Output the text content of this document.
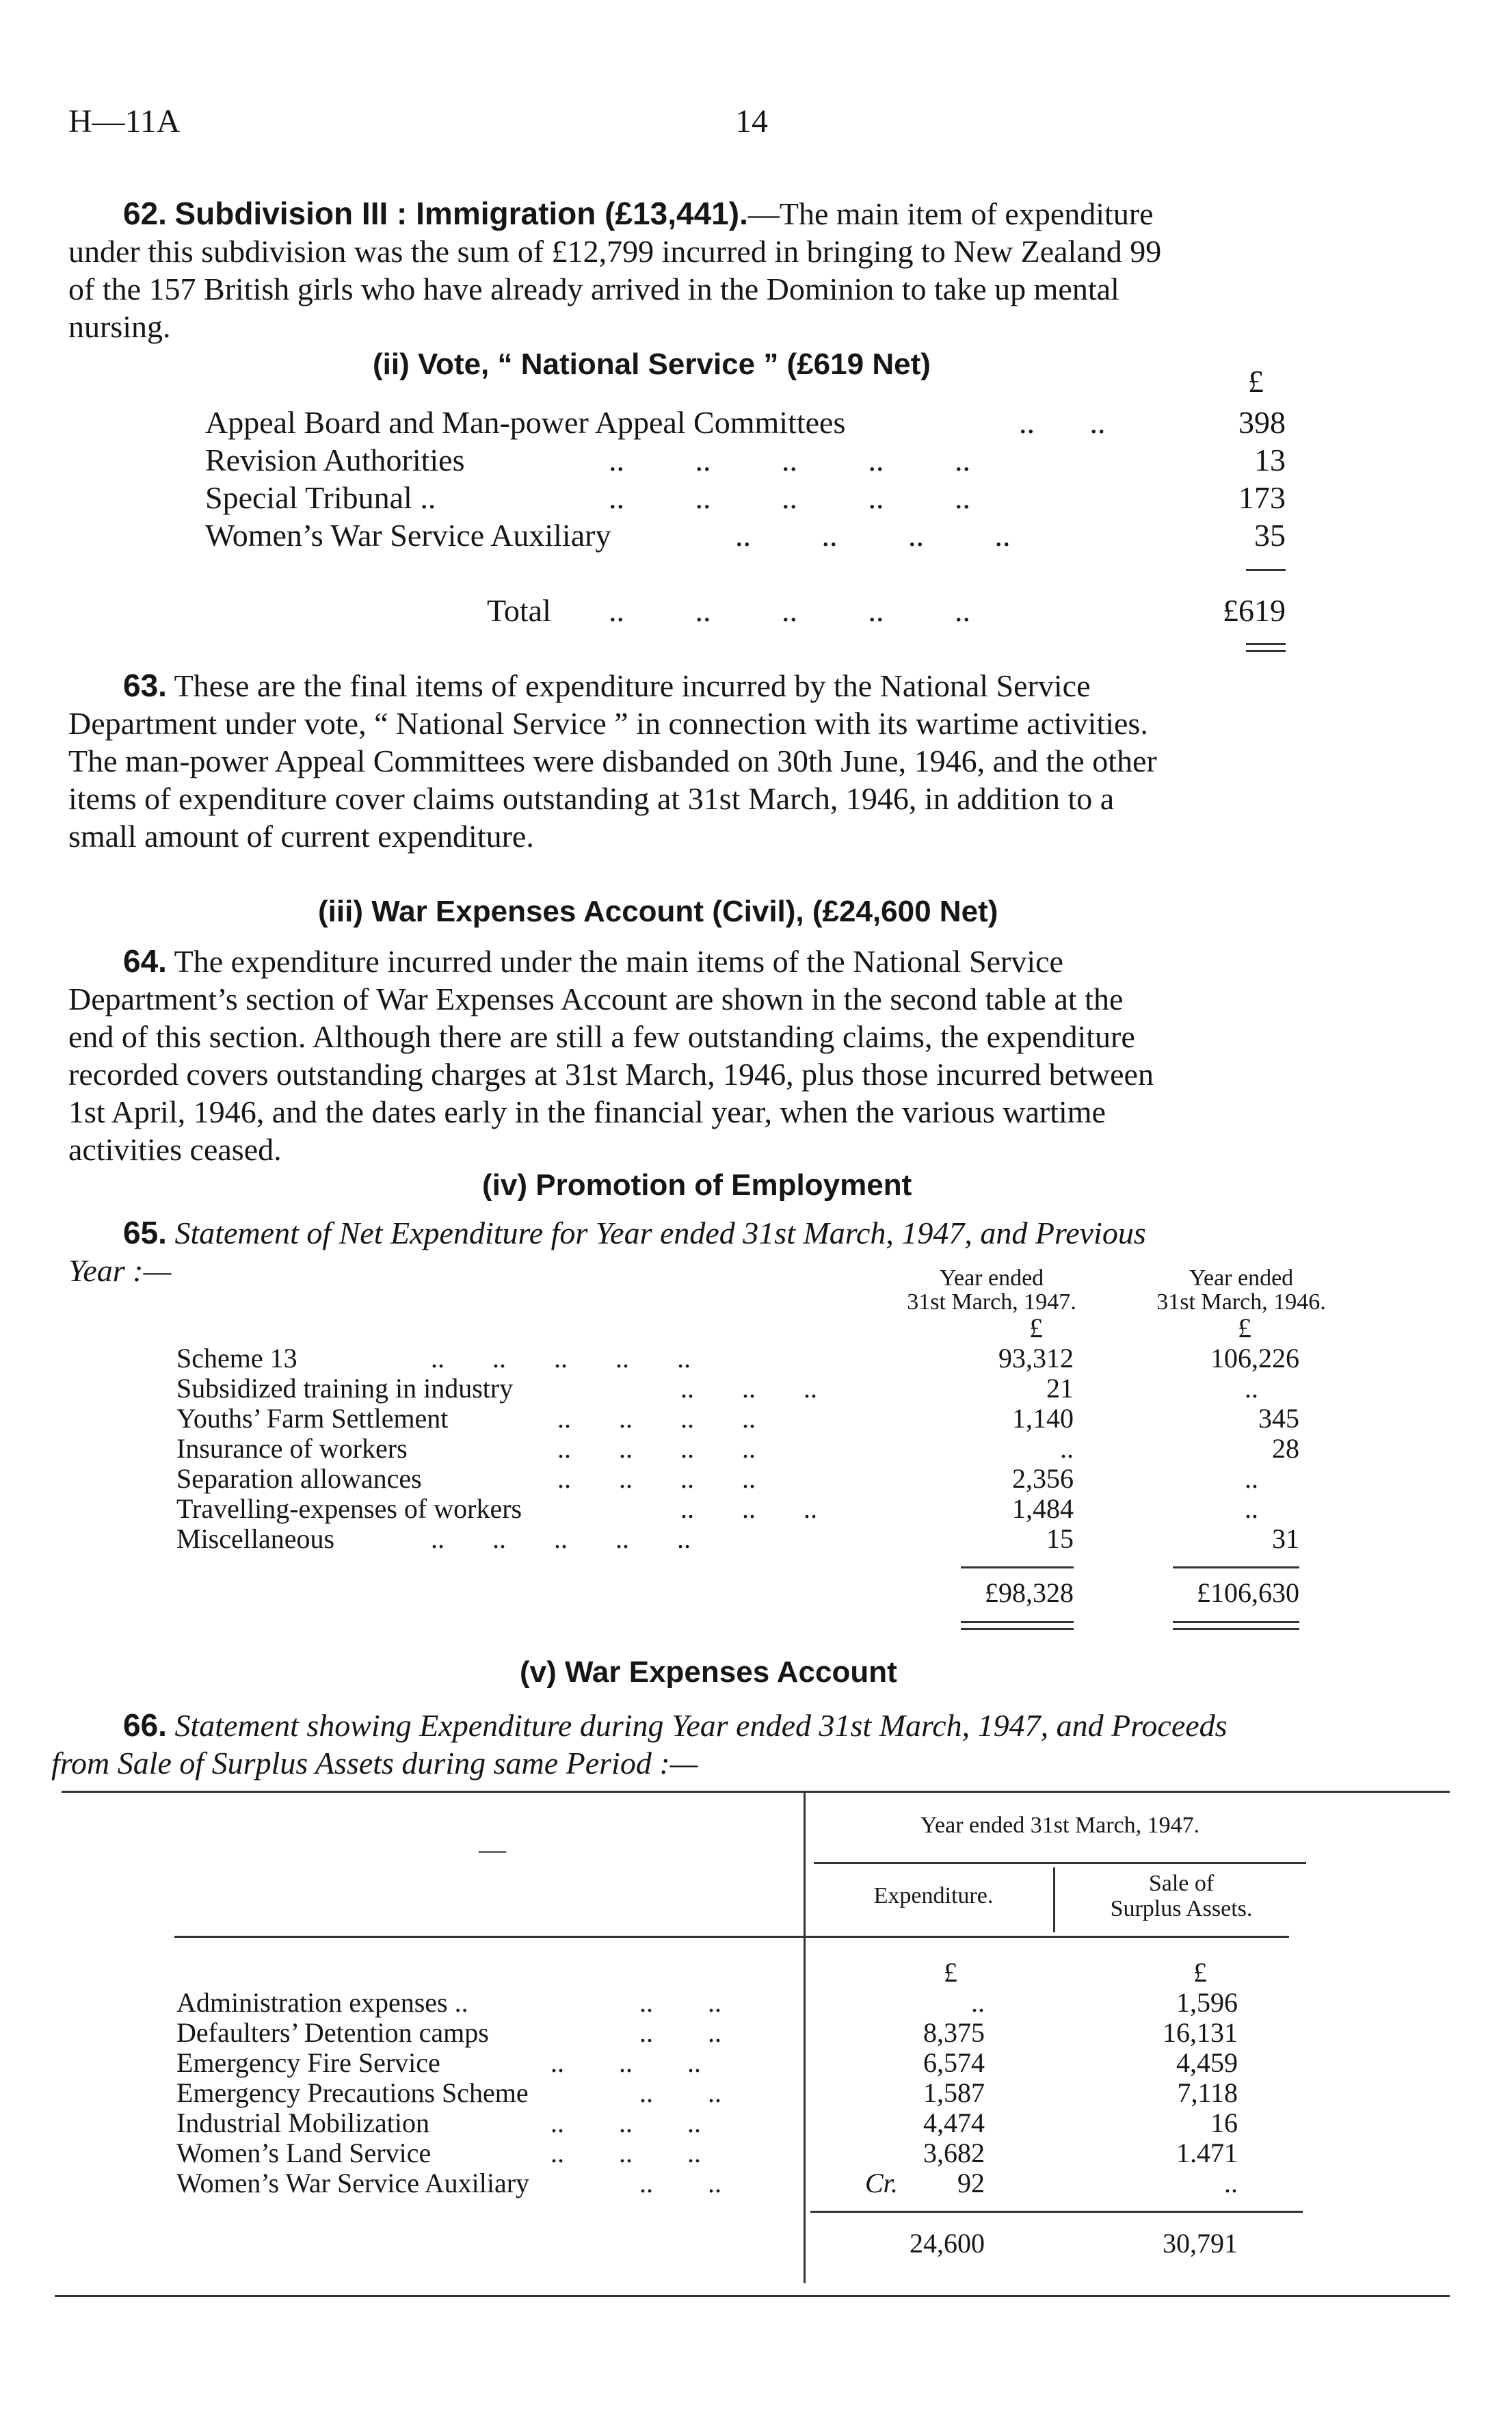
H—11A	14
62. Subdivision III : Immigration (£13,441).—The main item of expenditure
under this subdivision was the sum of £12,799 incurred in bringing to New Zealand 99
of the 157 British girls who have already arrived in the Dominion to take up mental
nursing.
(ii) Vote, “ National Service ” (£619 Net)	£
Appeal Board and Man-power Appeal Committees	..       ..	398
Revision Authorities	..         ..         ..         ..         ..	13
Special Tribunal ..	..         ..         ..         ..         ..	173
Women’s War Service Auxiliary	..         ..         ..         ..	35
Total ..         ..         ..         ..         ..	£619
63. These are the final items of expenditure incurred by the National Service
Department under vote, “ National Service ” in connection with its wartime activities.
The man-power Appeal Committees were disbanded on 30th June, 1946, and the other
items of expenditure cover claims outstanding at 31st March, 1946, in addition to a
small amount of current expenditure.
(iii) War Expenses Account (Civil), (£24,600 Net)
64. The expenditure incurred under the main items of the National Service
Department’s section of War Expenses Account are shown in the second table at the
end of this section. Although there are still a few outstanding claims, the expenditure
recorded covers outstanding charges at 31st March, 1946, plus those incurred between
1st April, 1946, and the dates early in the financial year, when the various wartime
activities ceased.
(iv) Promotion of Employment
65. Statement of Net Expenditure for Year ended 31st March, 1947, and Previous
Year :—	Year ended
31st March, 1947.
Year ended
31st March, 1946.
£	£
Scheme 13	..       ..       ..       ..       ..	93,312	106,226
Subsidized training in industry	..       ..       ..	21	..
Youths’ Farm Settlement	..       ..       ..       ..	1,140	345
Insurance of workers	..       ..       ..       ..	..	28
Separation allowances	..       ..       ..       ..	2,356	..
Travelling-expenses of workers	..       ..       ..	1,484	..
Miscellaneous	..       ..       ..       ..       ..	15	31
£98,328	£106,630
(v) War Expenses Account
66. Statement showing Expenditure during Year ended 31st March, 1947, and Proceeds
from Sale of Surplus Assets during same Period :—
—
Year ended 31st March, 1947.
Expenditure.	Sale of
Surplus Assets.
£	£
Administration expenses ..	..        ..	..	1,596
Defaulters’ Detention camps	..        ..	8,375	16,131
Emergency Fire Service	..        ..        ..	6,574	4,459
Emergency Precautions Scheme	..        ..	1,587	7,118
Industrial Mobilization	..        ..        ..	4,474	16
Women’s Land Service	..        ..        ..	3,682	1.471
Women’s War Service Auxiliary	..        ..	Cr.	92	..
24,600	30,791
